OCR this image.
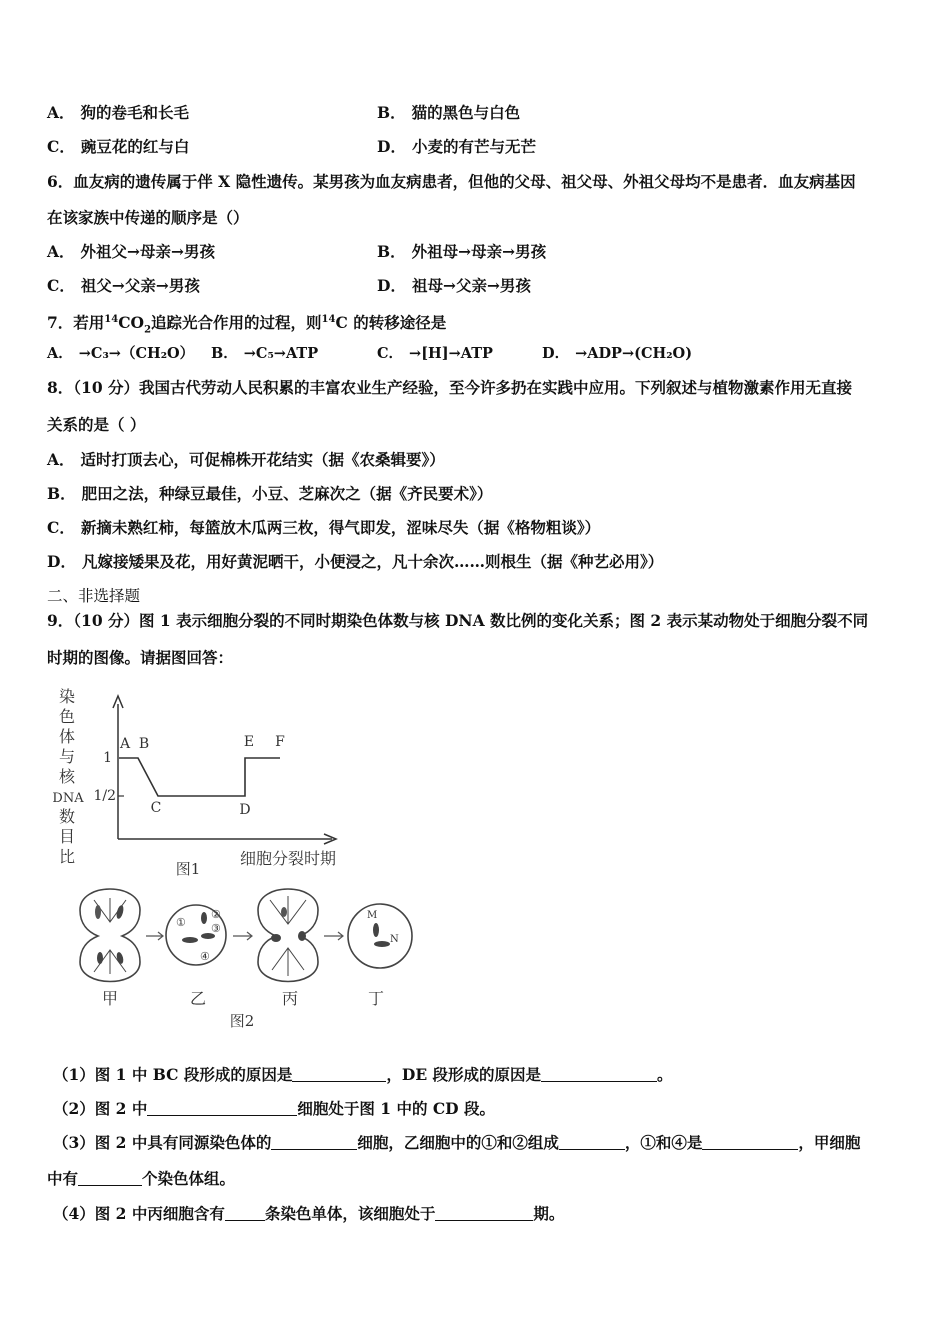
A． 狗的卷毛和长毛	B． 猫的黑色与白色
C． 豌豆花的红与白	D． 小麦的有芒与无芒
6．血友病的遗传属于伴 X 隐性遗传。某男孩为血友病患者，但他的父母、祖父母、外祖父母均不是患者．血友病基因
在该家族中传递的顺序是（）
A． 外祖父→母亲→男孩	B． 外祖母→母亲→男孩
C． 祖父→父亲→男孩	D． 祖母→父亲→男孩
7．若用$^{14}CO_2$追踪光合作用的过程，则$^{14}$C 的转移途径是
A． →C₃→（CH₂O） B． →C₅→ATP	C． →[H]→ATP	D． →ADP→(CH₂O)
8．（10 分）我国古代劳动人民积累的丰富农业生产经验，至今许多扔在实践中应用。下列叙述与植物激素作用无直接
关系的是（ ）
A． 适时打顶去心，可促棉株开花结实（据《农桑辑要》）
B． 肥田之法，种绿豆最佳，小豆、芝麻次之（据《齐民要术》）
C． 新摘未熟红柿，每篮放木瓜两三枚，得气即发，涩味尽失（据《格物粗谈》）
D． 凡嫁接矮果及花，用好黄泥晒干，小便浸之，凡十余次……则根生（据《种艺必用》）
二、非选择题
9．（10 分）图 1 表示细胞分裂的不同时期染色体数与核 DNA 数比例的变化关系；图 2 表示某动物处于细胞分裂不同
时期的图像。请据图回答：
染
色
体
与
核
DNA
数
目
比
1
1/2
A B
C	D
E F
细胞分裂时期
图1
①
②
③
④
M
N
甲	乙	丙	丁
图2
（1）图 1 中 BC 段形成的原因是	，DE 段形成的原因是	。
（2）图 2 中	细胞处于图 1 中的 CD 段。
（3）图 2 中具有同源染色体的	细胞，乙细胞中的①和②组成	，①和④是	，甲细胞
中有	个染色体组。
（4）图 2 中丙细胞含有	条染色单体，该细胞处于	期。
